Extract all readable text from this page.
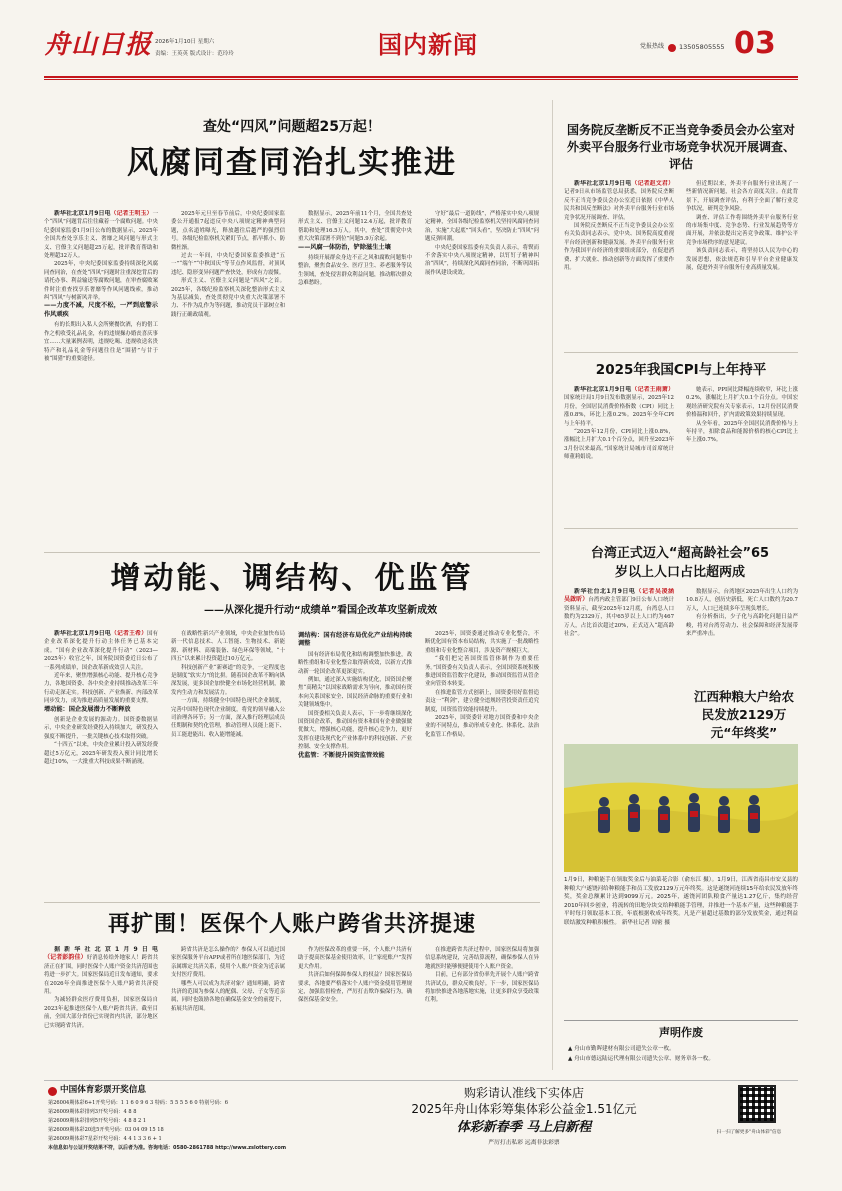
舟山日报 2026年1月10日 星期六
责编：王英英 版式设计：范玲玲	国内新闻	党报热线 13505805555 03
查处“四风”问题超25万起！
风腐同查同治扎实推进

新华社北京1月9日电（记者王明玉）一个“四风”问题背后往往藏着一个腐败问题。中央纪委国家监委1月9日公布的数据显示，2025年全国共查处享乐主义、奢靡之风问题与形式主义、官僚主义问题超25万起，批评教育帮助和处理超32万人。

2025年，中央纪委国家监委持续深化风腐同查同治，在查处“四风”问题时注重深挖背后的请托办事、利益输送等腐败问题，在审查腐败案件时注重查找享乐奢靡等作风问题线索，推动纠“四风”与树新风并举。

——力度不减，尺度不松，一严到底警示作风顽疾

有的长期出入私人会所聚餐饮酒，有的借工作之机收受礼品礼金，有的违规操办婚丧喜庆事宜……大量案例表明，违规吃喝、违规收送名贵特产和礼品礼金等问题往往是“围猎”与甘于被“围猎”的重要途径。

2025年元旦至春节前后，中央纪委国家监委公开通报7起违反中央八项规定精神典型问题，点名道姓曝光，释放越往后越严的强烈信号。各级纪检监察机关紧盯节点，抓早抓小、防微杜渐。

过去一年间，中央纪委国家监委推进“五一”“端午”“中秋国庆”等节点作风监督，对顶风违纪、隐形变异问题严查快处，形成有力震慑。

形式主义、官僚主义问题是“四风”之首。2025年，各级纪检监察机关深化整治形式主义为基层减负，查处贯彻党中央重大决策部署不力、不作为乱作为等问题，推动党员干部树立和践行正确政绩观。

数据显示，2025年前11个月，全国共查处形式主义、官僚主义问题12.4万起，批评教育帮助和处理16.5万人。其中，查处“贯彻党中央重大决策部署不到位”问题5.9万余起。

——风腐一体防治，铲除滋生土壤

持续开展群众身边不正之风和腐败问题集中整治，聚焦食品安全、医疗卫生、养老服务等民生领域，查处侵害群众利益问题，推动解决群众急难愁盼。

守好“最后一道防线”，严格落实中央八项规定精神，全国各级纪检监察机关坚持风腐同查同治，实施“大起底”“回头看”，坚决防止“四风”问题反弹回潮。

中央纪委国家监委有关负责人表示，将锲而不舍落实中央八项规定精神，以钉钉子精神纠治“四风”，持续深化风腐同查同治，不断巩固拓展作风建设成效。

增动能、调结构、优监管
——从深化提升行动“成绩单”看国企改革攻坚新成效

新华社北京1月9日电（记者王希）国有企业改革深化提升行动主体任务已基本完成。“国有企业改革深化提升行动”（2023—2025年）收官之年，国务院国资委近日公布了一系列成绩单，国企改革新成效引人关注。

近年来，聚焦增强核心功能、提升核心竞争力，各地国资委、各中央企业持续推动改革三年行动走深走实。科技创新、产业焕新、内部改革同步发力，成为推进高质量发展的重要支撑。

增动能：国企发展潜力不断释放

创新是企业发展的源动力。国资委数据显示，中央企业研发经费投入持续加大，研发投入强度不断提升，一批关键核心技术取得突破。

“十四五”以来，中央企业累计投入研发经费超过5万亿元，2025年研发投入预计同比增长超过10%，一大批重大科技成果不断涌现。

在战略性新兴产业领域，中央企业加快布局新一代信息技术、人工智能、生物技术、新能源、新材料、高端装备、绿色环保等领域，“十四五”以来累计投资超过10万亿元。

科技创新产业“新赛道”的竞争，一定程度也是制度“软实力”的比拼。随着国企改革不断向纵深发展，更多国企加快健全市场化经营机制，激发内生动力和发展活力。

一方面，持续健全中国特色现代企业制度，完善中国特色现代企业制度，将党的领导融入公司治理各环节；另一方面，深入推行经理层成员任期制和契约化管理，推动管理人员能上能下、员工能进能出、收入能增能减。

调结构：国有经济布局优化产业结构持续调整

国有经济布局优化和结构调整加快推进，战略性重组和专业化整合取得新成效，以新方式推动新一轮国企改革更深更实。

例如，通过深入实施结构优化，国资国企聚焦“高精尖”以国家战略需求为导向，推动国有资本向关系国家安全、国民经济命脉的重要行业和关键领域集中。

国资委相关负责人表示，下一步将继续深化国资国企改革，推动国有资本和国有企业做强做优做大，增强核心功能，提升核心竞争力，更好发挥在建设现代化产业体系中的科技创新、产业控制、安全支撑作用。

优监管：不断提升国资监管效能

2025年，国资委通过推动专业化整合，不断优化国有资本布局结构，共实施了一批战略性重组和专业化整合项目，涉及资产规模巨大。

“我们把完善国资监管体制作为重要任务。”国资委有关负责人表示，全国国资系统积极推进国资监管数字化建设，推动国资监管从管企业向管资本转变。

在推进监管方式创新上，国资委用好监督追责这一“利剑”，建立健全违规经营投资责任追究制度，国资监管效能持续提升。

2025年，国资委针对地方国资委和中央企业的不同特点，推动形成专业化、体系化、法治化监管工作格局。

再扩围！医保个人账户跨省共济提速

据新华社北京1月9日电（记者彭韵佳）好消息传给外地家人！跨省共济正在扩围，同时医保个人账户资金共济范围也将进一步扩大。国家医保局近日发布通知，要求在2026年全面推进医保个人账户跨省共济使用。

为减轻群众医疗费用负担，国家医保局自2023年起推进医保个人账户跨省共济。截至目前，全国大部分省份已实现省内共济，部分地区已实现跨省共济。

跨省共济是怎么操作的？参保人可以通过国家医保服务平台APP或者所在地医保部门，为近亲属绑定共济关系，使用个人账户资金为近亲属支付医疗费用。

哪些人可以成为共济对象？通知明确，跨省共济的范围为参保人的配偶、父母、子女等近亲属，同时也鼓励各地在确保基金安全的前提下，拓展共济范围。

作为医保改革的重要一环，个人账户共济有助于提高医保基金使用效率，让“家庭账户”发挥更大作用。

共济后如何保障参保人的权益？国家医保局要求，各地要严格落实个人账户资金使用管理规定，加强监督检查，严厉打击欺诈骗保行为，确保医保基金安全。

在推进跨省共济过程中，国家医保局将加强信息系统建设，完善结算流程，确保参保人在异地就医时能够便捷使用个人账户资金。

目前，已有部分省份率先开展个人账户跨省共济试点，群众反映良好。下一步，国家医保局将加快推进各地落地实施，让更多群众享受政策红利。

国务院反垄断反不正当竞争委员会办公室对外卖平台服务行业市场竞争状况开展调查、评估

新华社北京1月9日电（记者赵文君）记者9日从市场监管总局获悉，国务院反垄断反不正当竞争委员会办公室近日依据《中华人民共和国反垄断法》对外卖平台服务行业市场竞争状况开展调查、评估。

国务院反垄断反不正当竞争委员会办公室有关负责同志表示，党中央、国务院高度重视平台经济创新和健康发展。外卖平台服务行业作为我国平台经济的重要组成部分，在促进消费、扩大就业、推动创新等方面发挥了重要作用。

但近期以来，外卖平台服务行业出现了一些新情况新问题，社会各方高度关注。在此背景下，开展调查评估，有利于全面了解行业竞争状况，研判竞争风险。

调查、评估工作将围绕外卖平台服务行业的市场集中度、竞争态势、行业发展趋势等方面开展，并依法提出完善竞争政策、维护公平竞争市场秩序的意见建议。

该负责同志表示，将坚持以人民为中心的发展思想，依法规范和引导平台企业健康发展，促进外卖平台服务行业高质量发展。

2025年我国CPI与上年持平

新华社北京1月9日电（记者王雨萧）国家统计局1月9日发布数据显示，2025年12月份，全国居民消费价格指数（CPI）同比上涨0.8%，环比上涨0.2%。2025年全年CPI与上年持平。

“2025年12月份，CPI同比上涨0.8%，涨幅比上月扩大0.1个百分点，回升至2023年3月份以来最高。”国家统计局城市司首席统计师董莉娟说。

她表示，PPI同比降幅连续收窄，环比上涨0.2%，涨幅比上月扩大0.1个百分点。中国宏观经济研究院有关专家表示，12月份居民消费价格温和回升，扩内需政策效果持续显现。

从全年看，2025年全国居民消费价格与上年持平，扣除食品和能源价格的核心CPI比上年上涨0.7%。

台湾正式迈入“超高龄社会”65岁以上人口占比超两成

新华社台北1月9日电（记者吴凌涵 吴啟昕）台湾内政主管部门9日公布人口统计资料显示，截至2025年12月底，台湾总人口数约为2329万，其中65岁以上人口约为467万人，占比首次超过20%，正式迈入“超高龄社会”。

数据显示，台湾地区2025年出生人口约为10.8万人，创历史新低，死亡人口数约为20.7万人，人口已连续多年呈现负增长。

有分析指出，少子化与高龄化问题日益严峻，将对台湾劳动力、社会保障和经济发展带来严重冲击。

江西种粮大户给农民发放2129万元“年终奖”
1月9日，种粮能手在领取奖金后与油菜花合影（俞东江 摄）。1月9日，江西省南昌市安义县的种粮大户遂饶河给种粮能手和员工发放2129万元年终奖。这是遂饶河连续15年给农民发放年终奖，奖金总额累计达到9099万元。2025年，遂饶河团队粮食产量达1.27亿斤，集约经营2010年回乡创业，将流转的田地分块交给种粮能手管理，并推进一个基本产量，这些种粮能手平时每月领取基本工资，年底根据收成年终奖。凡是产量超过基数的部分发放奖金，通过利益联结激发种粮积极性。 新华社记者 周密 摄
声明作废
▲ 舟山市勤晖建材有限公司遗失公章一枚。
▲ 舟山市德远陆运代理有限公司遗失公章、财务章各一枚。
中国体育彩票开奖信息
第26004期体彩6+1开奖号码：1 1 6 0 9 6 3 特码：5 5 5 5 6 0 特别号码：6
第26009期体彩排列3开奖号码：4 8 8
第26009期体彩排列5开奖号码：4 8 8 2 1
第26009期体彩20选5开奖号码：03 04 09 15 18
第26009期体彩7星彩开奖号码：4 4 1 3 3 6 + 1
本信息如与公证开奖结果不符，以后者为准。咨询电话：0580-2861788 http://www.zslottery.com
购彩请认准线下实体店
2025年舟山体彩筹集体彩公益金1.51亿元
体彩新春季 马上启新程
严厉打击私彩 远离非法彩票
扫一扫了解更多“舟山体彩”信息
